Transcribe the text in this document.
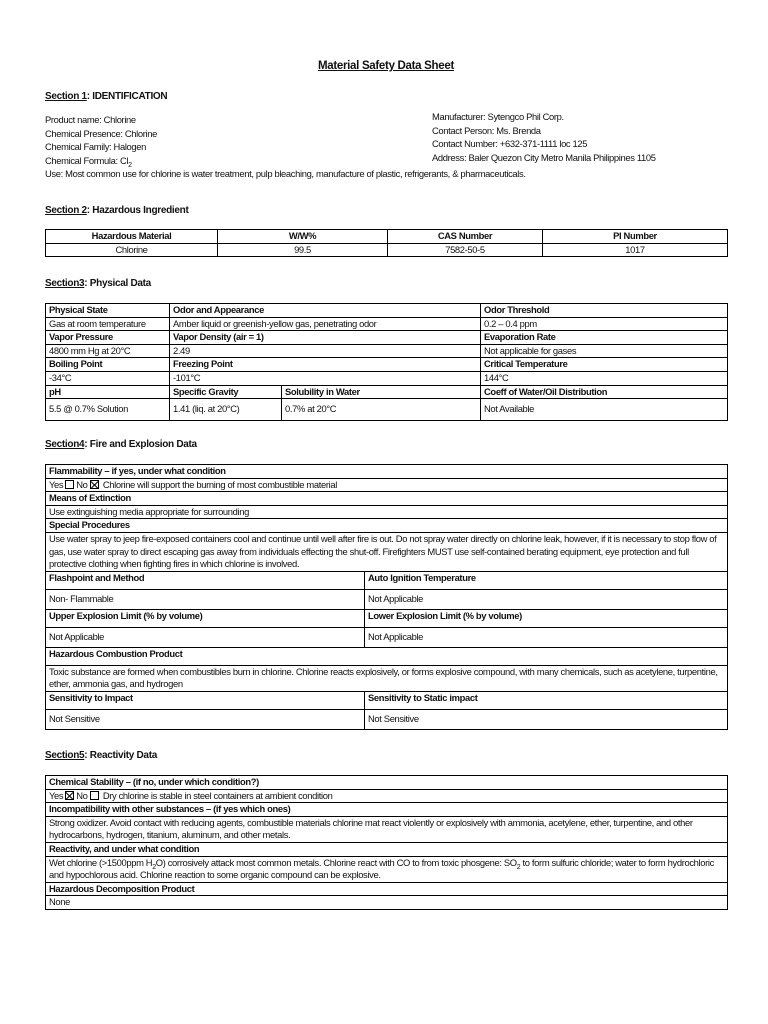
Material Safety Data Sheet
Section 1: IDENTIFICATION
Product name: Chlorine
Chemical Presence: Chlorine
Chemical Family: Halogen
Chemical Formula: $Cl_2$
Use: Most common use for chlorine is water treatment, pulp bleaching, manufacture of plastic, refrigerants, & pharmaceuticals.
Manufacturer: Sytengco Phil Corp.
Contact Person: Ms. Brenda
Contact Number: +632-371-1111 loc 125
Address: Baler Quezon City Metro Manila Philippines 1105
Section 2: Hazardous Ingredient
Hazardous Material	W/W%	CAS Number	PI Number
Chlorine	99.5	7582-50-5	1017
Section3: Physical Data
Physical State	Odor and Appearance		Odor Threshold
Gas at room temperature	Amber liquid or greenish-yellow gas, penetrating odor		0.2 – 0.4 ppm
Vapor Pressure	Vapor Density (air = 1)		Evaporation Rate
4800 mm Hg at 20°C	2.49		Not applicable for gases
Boiling Point	Freezing Point		Critical Temperature
-34°C	-101°C		144°C
pH	Specific Gravity	Solubility in Water	Coeff of Water/Oil Distribution
5.5 @ 0.7% Solution	1.41 (liq. at 20°C)	0.7% at 20°C	Not Available
Section4: Fire and Explosion Data
Flammability – if yes, under what condition	
Yes No Chlorine will support the burning of most combustible material	
Means of Extinction	
Use extinguishing media appropriate for surrounding	
Special Procedures	
Use water spray to jeep fire-exposed containers cool and continue until well after fire is out. Do not spray water directly on chlorine leak, however, if it is necessary to stop flow of gas, use water spray to direct escaping gas away from individuals effecting the shut-off. Firefighters MUST use self-contained berating equipment, eye protection and full protective clothing when fighting fires in which chlorine is involved.	
Flashpoint and Method	Auto Ignition Temperature
Non- Flammable	Not Applicable
Upper Explosion Limit (% by volume)	Lower Explosion Limit (% by volume)
Not Applicable	Not Applicable
Hazardous Combustion Product	
Toxic substance are formed when combustibles burn in chlorine. Chlorine reacts explosively, or forms explosive compound, with many chemicals, such as acetylene, turpentine, ether, ammonia gas, and hydrogen	
Sensitivity to Impact	Sensitivity to Static impact
Not Sensitive	Not Sensitive
Section5: Reactivity Data
Chemical Stability – (if no, under which condition?)
Yes No Dry chlorine is stable in steel containers at ambient condition
Incompatibility with other substances – (if yes which ones)
Strong oxidizer. Avoid contact with reducing agents, combustible materials chlorine mat react violently or explosively with ammonia, acetylene, ether, turpentine, and other hydrocarbons, hydrogen, titanium, aluminum, and other metals.
Reactivity, and under what condition
Wet chlorine (>1500ppm $H_2O$) corrosively attack most common metals. Chlorine react with CO to from toxic phosgene: $SO_2$ to form sulfuric chloride; water to form hydrochloric and hypochlorous acid. Chlorine reaction to some organic compound can be explosive.
Hazardous Decomposition Product
None
